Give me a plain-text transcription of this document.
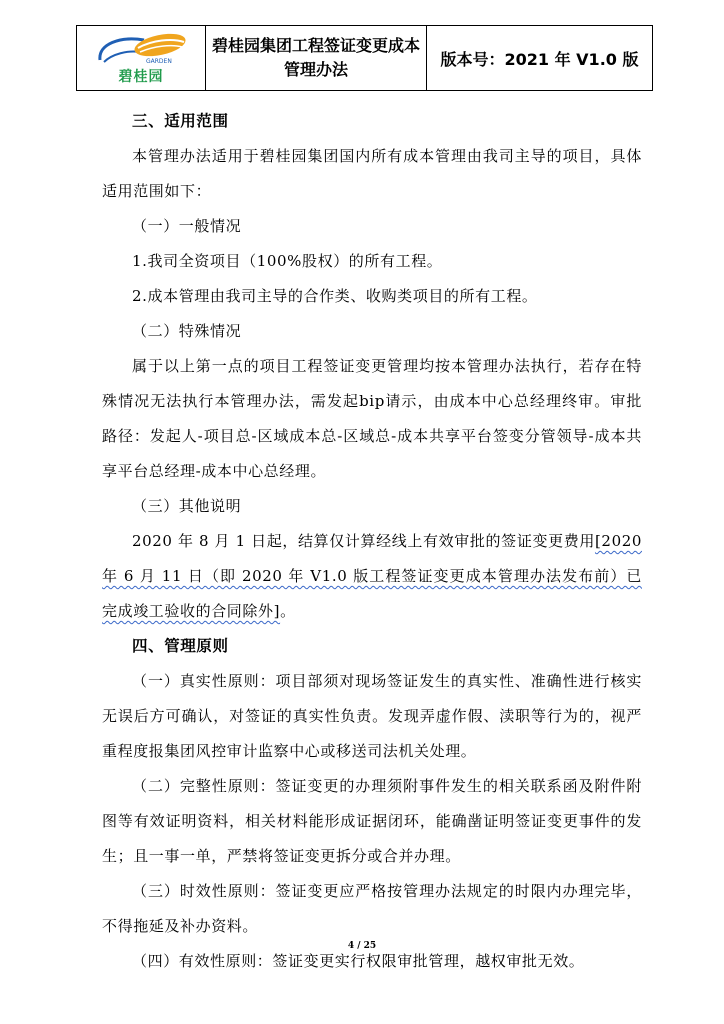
GARDEN
碧桂园
	碧桂园集团工程签证变更成本管理办法	版本号：2021 年 V1.0 版

三、适用范围

本管理办法适用于碧桂园集团国内所有成本管理由我司主导的项目，具体适用范围如下：

（一）一般情况

1.我司全资项目（100%股权）的所有工程。

2.成本管理由我司主导的合作类、收购类项目的所有工程。

（二）特殊情况

属于以上第一点的项目工程签证变更管理均按本管理办法执行，若存在特殊情况无法执行本管理办法，需发起bip请示，由成本中心总经理终审。审批路径：发起人-项目总-区域成本总-区域总-成本共享平台签变分管领导-成本共享平台总经理-成本中心总经理。

（三）其他说明

2020 年 8 月 1 日起，结算仅计算经线上有效审批的签证变更费用[2020 年 6 月 11 日（即 2020 年 V1.0 版工程签证变更成本管理办法发布前）已完成竣工验收的合同除外]。

四、管理原则

（一）真实性原则：项目部须对现场签证发生的真实性、准确性进行核实无误后方可确认，对签证的真实性负责。发现弄虚作假、渎职等行为的，视严重程度报集团风控审计监察中心或移送司法机关处理。

（二）完整性原则：签证变更的办理须附事件发生的相关联系函及附件附图等有效证明资料，相关材料能形成证据闭环，能确凿证明签证变更事件的发生；且一事一单，严禁将签证变更拆分或合并办理。

（三）时效性原则：签证变更应严格按管理办法规定的时限内办理完毕，不得拖延及补办资料。

（四）有效性原则：签证变更实行权限审批管理，越权审批无效。

4 / 25
